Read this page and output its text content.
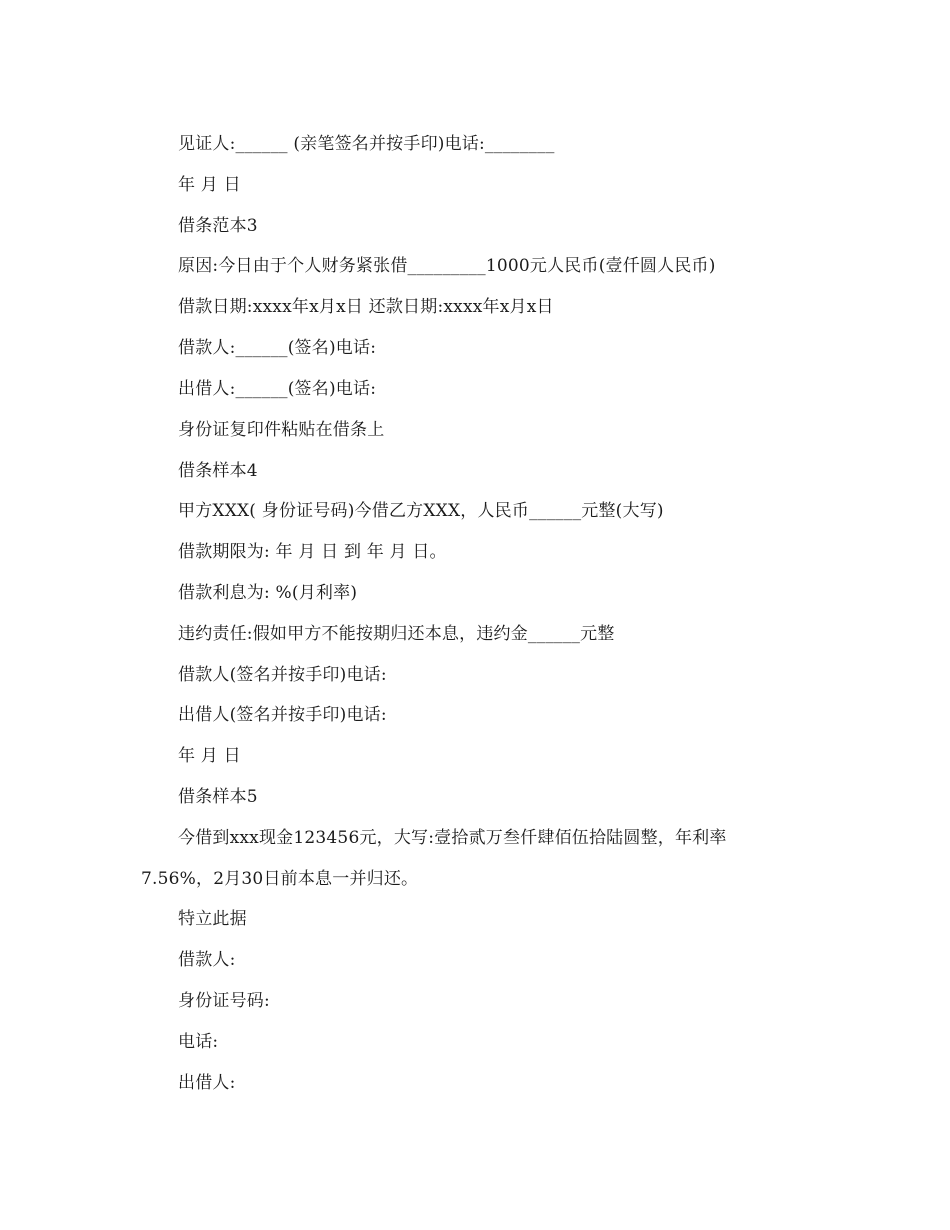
见证人:______ (亲笔签名并按手印)电话:________
年 月 日
借条范本3
原因:今日由于个人财务紧张借_________1000元人民币(壹仟圆人民币)
借款日期:xxxx年x月x日 还款日期:xxxx年x月x日
借款人:______(签名)电话:
出借人:______(签名)电话:
身份证复印件粘贴在借条上
借条样本4
甲方XXX( 身份证号码)今借乙方XXX，人民币______元整(大写)
借款期限为: 年 月 日 到 年 月 日。
借款利息为: %(月利率)
违约责任:假如甲方不能按期归还本息，违约金______元整
借款人(签名并按手印)电话:
出借人(签名并按手印)电话:
年 月 日
借条样本5
今借到xxx现金123456元，大写:壹拾贰万叁仟肆佰伍拾陆圆整，年利率
7.56%，2月30日前本息一并归还。
特立此据
借款人:
身份证号码:
电话:
出借人:
